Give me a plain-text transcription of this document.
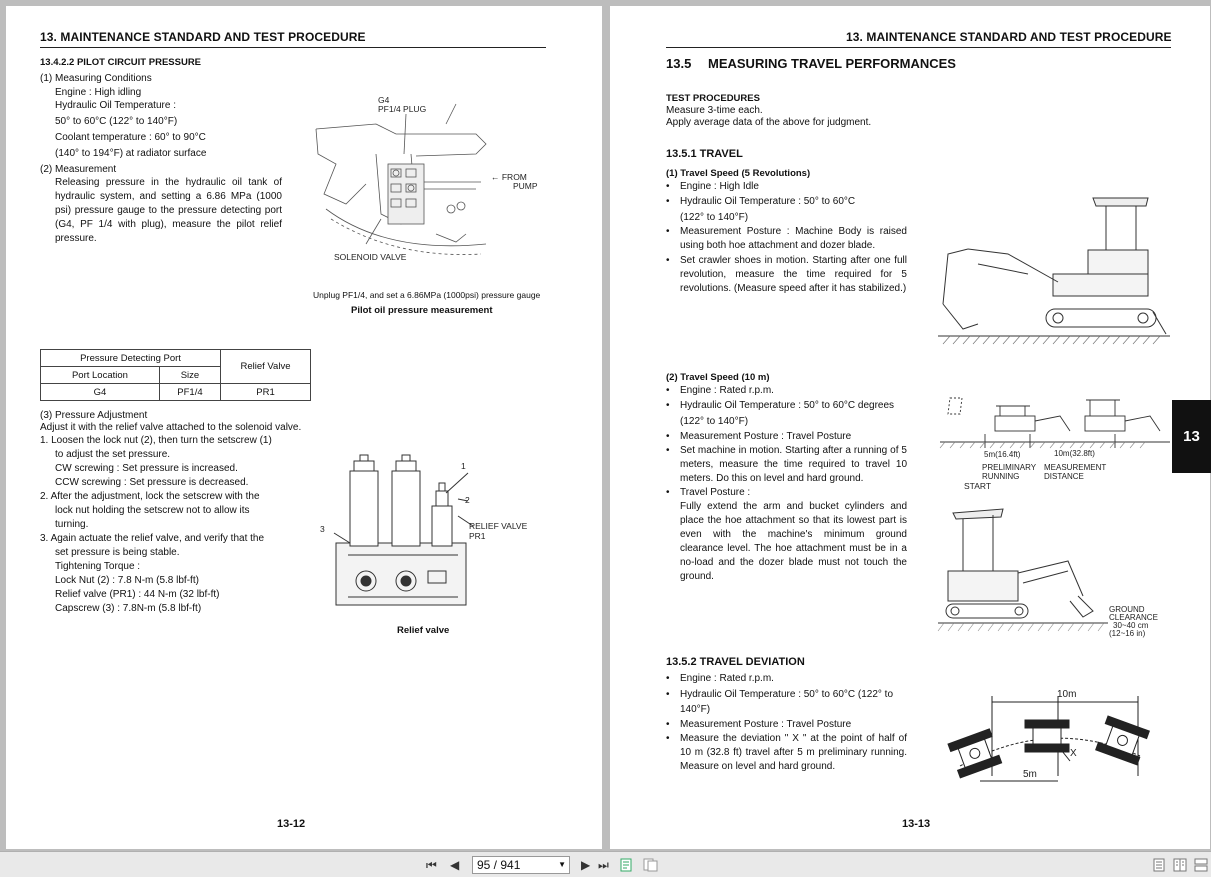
13. MAINTENANCE STANDARD AND TEST PROCEDURE
13.4.2.2 PILOT CIRCUIT PRESSURE
(1) Measuring Conditions
Engine : High idling
Hydraulic Oil Temperature :
50° to 60°C (122° to 140°F)
Coolant temperature : 60° to 90°C
(140° to 194°F) at radiator surface
(2) Measurement
Releasing pressure in the hydraulic oil tank of hydraulic system, and setting a 6.86 MPa (1000 psi) pressure gauge to the pressure detecting port (G4, PF 1/4 with plug), measure the pilot relief pressure.
G4
PF1/4 PLUG
← FROM
PUMP
SOLENOID VALVE
Unplug PF1/4, and set a 6.86MPa (1000psi) pressure gauge
Pilot oil pressure measurement
Pressure Detecting Port		Relief Valve
Port Location	Size	
G4	PF1/4	PR1
(3) Pressure Adjustment
Adjust it with the relief valve attached to the solenoid valve.
1. Loosen the lock nut (2), then turn the setscrew (1)
to adjust the set pressure.
CW screwing : Set pressure is increased.
CCW screwing : Set pressure is decreased.
2. After the adjustment, lock the setscrew with the
lock nut holding the setscrew not to allow its
turning.
3. Again actuate the relief valve, and verify that the
set pressure is being stable.
Tightening Torque :
Lock Nut (2) : 7.8 N-m (5.8 lbf-ft)
Relief valve (PR1) : 44 N-m (32 lbf-ft)
Capscrew (3) : 7.8N-m (5.8 lbf-ft)
1
2
3	RELIEF VALVE
PR1
Relief valve
13-12
13. MAINTENANCE STANDARD AND TEST PROCEDURE
13.5 MEASURING TRAVEL PERFORMANCES
TEST PROCEDURES
Measure 3-time each.
Apply average data of the above for judgment.
13.5.1 TRAVEL
(1) Travel Speed (5 Revolutions)
• Engine : High Idle
• Hydraulic Oil Temperature : 50° to 60°C
(122° to 140°F)
• Measurement Posture : Machine Body is raised using both hoe attachment and dozer blade.
• Set crawler shoes in motion. Starting after one full revolution, measure the time required for 5 revolutions. (Measure speed after it has stabilized.)
(2) Travel Speed (10 m)
• Engine : Rated r.p.m.
• Hydraulic Oil Temperature : 50° to 60°C degrees
(122° to 140°F)
• Measurement Posture : Travel Posture
• Set machine in motion. Starting after a running of 5 meters, measure the time required to travel 10 meters. Do this on level and hard ground.
• Travel Posture :
Fully extend the arm and bucket cylinders and place the hoe attachment so that its lowest part is even with the machine's minimum ground clearance level. The hoe attachment must be in a no-load and the dozer blade must not touch the ground.
5m(16.4ft)	10m(32.8ft)
PRELIMINARY
RUNNING
MEASUREMENT
DISTANCE
START
GROUND
CLEARANCE
30~40 cm
(12~16 in)
13.5.2 TRAVEL DEVIATION
• Engine : Rated r.p.m.
• Hydraulic Oil Temperature : 50° to 60°C (122° to
140°F)
• Measurement Posture : Travel Posture
• Measure the deviation " X " at the point of half of 10 m (32.8 ft) travel after 5 m preliminary running. Measure on level and hard ground.
10m
5m
X
13-13
13
⏮ ◀	95 / 941	▼ ▶ ⏭
